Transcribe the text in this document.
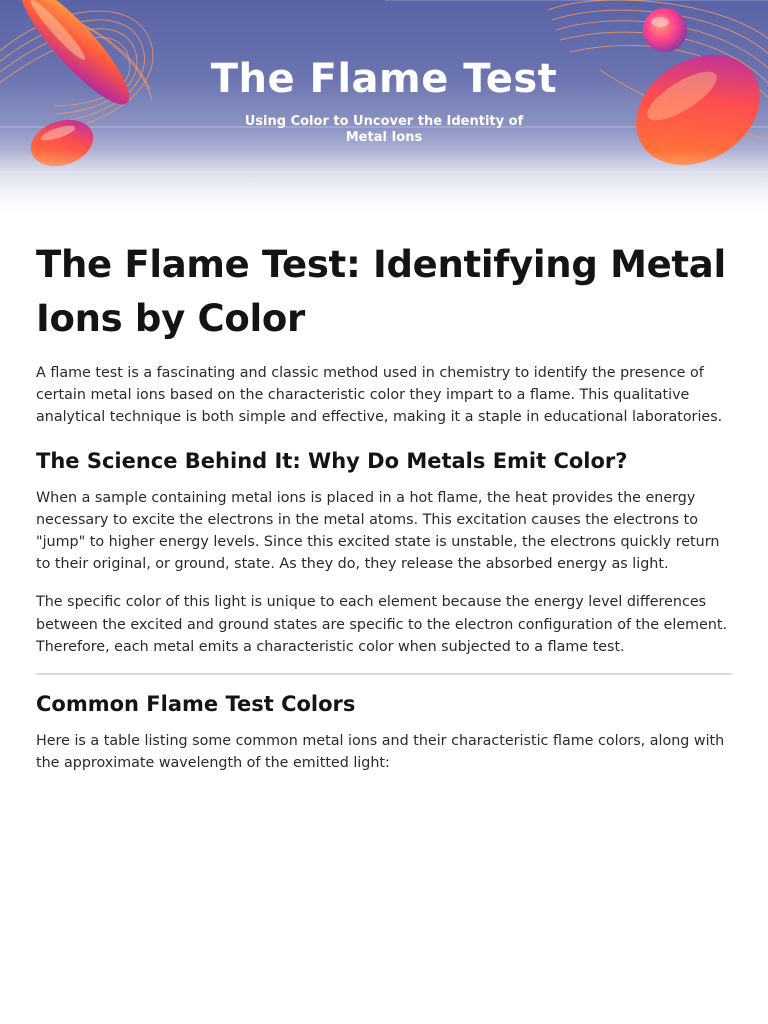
The Flame Test

Using Color to Uncover the Identity of Metal Ions

The Flame Test: Identifying Metal Ions by Color

A flame test is a fascinating and classic method used in chemistry to identify the presence of certain metal ions based on the characteristic color they impart to a flame. This qualitative analytical technique is both simple and effective, making it a staple in educational laboratories.

The Science Behind It: Why Do Metals Emit Color?

When a sample containing metal ions is placed in a hot flame, the heat provides the energy necessary to excite the electrons in the metal atoms. This excitation causes the electrons to "jump" to higher energy levels. Since this excited state is unstable, the electrons quickly return to their original, or ground, state. As they do, they release the absorbed energy as light.

The specific color of this light is unique to each element because the energy level differences between the excited and ground states are specific to the electron configuration of the element. Therefore, each metal emits a characteristic color when subjected to a flame test.

Common Flame Test Colors

Here is a table listing some common metal ions and their characteristic flame colors, along with the approximate wavelength of the emitted light:
